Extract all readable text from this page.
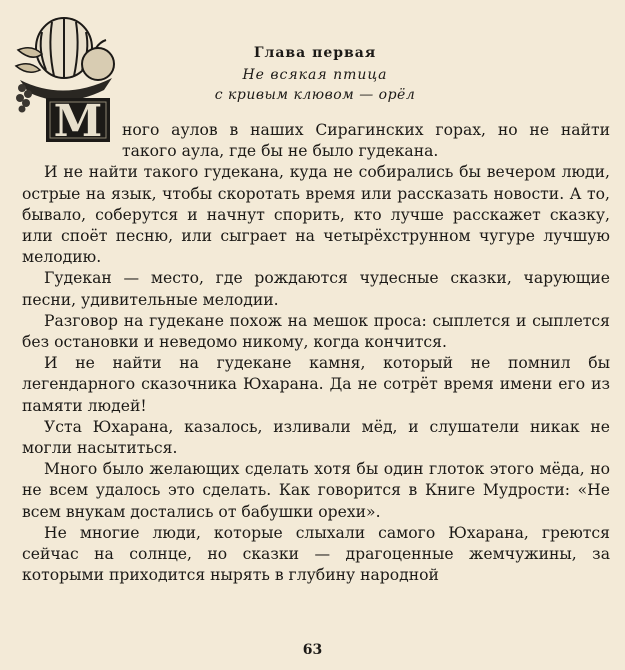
М
Глава первая
Не всякая птица
с кривым клювом — орёл

ного аулов в наших Сирагинских горах, но не найти такого аула, где бы не было гудекана.

И не найти такого гудекана, куда не собирались бы вечером люди, острые на язык, чтобы скоротать время или рассказать новости. А то, бывало, соберутся и начнут спорить, кто лучше расскажет сказку, или споёт песню, или сыграет на четырёхструнном чугуре лучшую мелодию.

Гудекан — место, где рождаются чудесные сказки, чарующие песни, удивительные мелодии.

Разговор на гудекане похож на мешок проса: сыплется и сыплется без остановки и неведомо никому, когда кончится.

И не найти на гудекане камня, который не помнил бы легендарного сказочника Юхарана. Да не сотрёт время имени его из памяти людей!

Уста Юхарана, казалось, изливали мёд, и слушатели никак не могли насытиться.

Много было желающих сделать хотя бы один глоток этого мёда, но не всем удалось это сделать. Как говорится в Книге Мудрости: «Не всем внукам достались от бабушки орехи».

Не многие люди, которые слыхали самого Юхарана, греются сейчас на солнце, но сказки — драгоценные жемчужины, за которыми приходится нырять в глубину народной

63
